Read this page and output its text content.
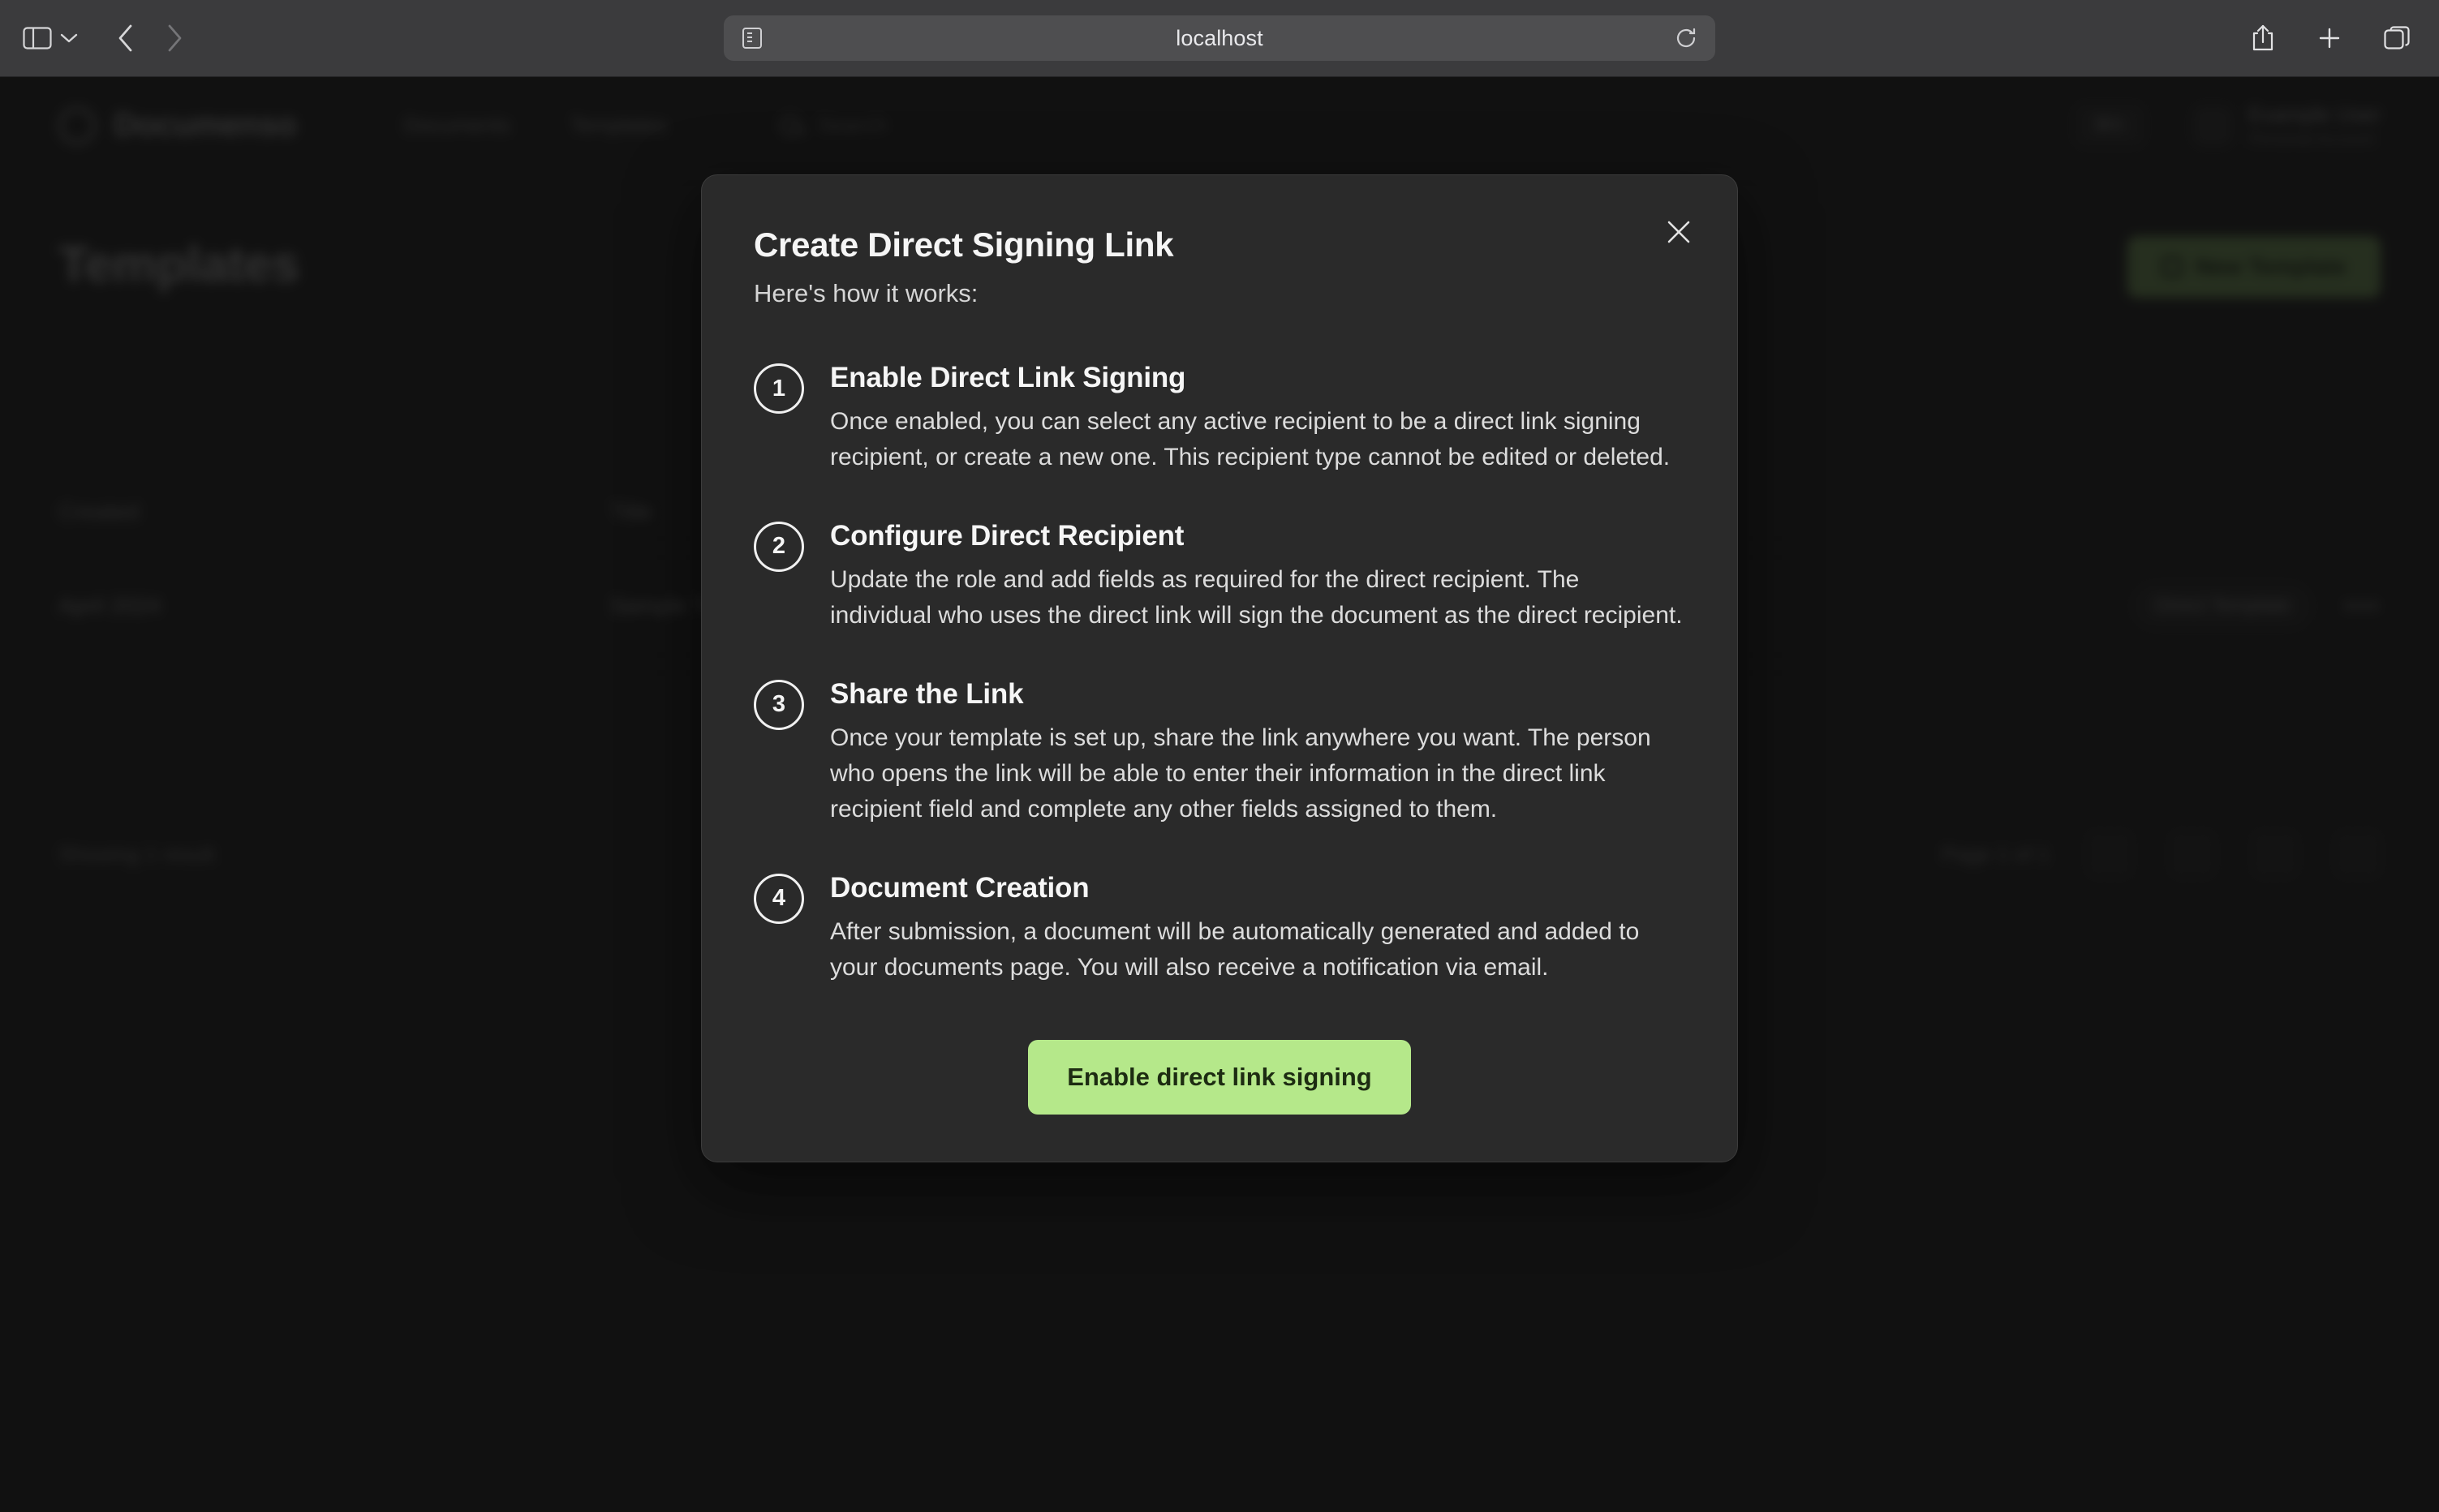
localhost
Create Direct Signing Link
Here's how it works:
1	Enable Direct Link Signing
Once enabled, you can select any active recipient to be a direct link signing recipient, or create a new one. This recipient type cannot be edited or deleted.
2	Configure Direct Recipient
Update the role and add fields as required for the direct recipient. The individual who uses the direct link will sign the document as the direct recipient.
3	Share the Link
Once your template is set up, share the link anywhere you want. The person who opens the link will be able to enter their information in the direct link recipient field and complete any other fields assigned to them.
4	Document Creation
After submission, a document will be automatically generated and added to your documents page. You will also receive a notification via email.
Enable direct link signing
